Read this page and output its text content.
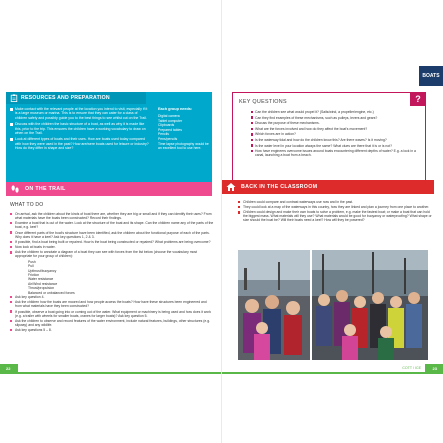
BOATS
RESOURCES AND PREPARATION
Make contact with the relevant people at the location you intend to visit, especially if it is a large museum or marina. This is to ensure that they can cater for a class of children safely and possibly guide you to the best things to see whilst out on the Trail.
Discuss with the children the basic structure of a boat, as well as why it is made like this, prior to the trip. This ensures the children have a working vocabulary to draw on when on the Trail.
Look at different types of boats and their uses. How are boats used today compared with how they were used in the past? How are/were boats used for leisure or industry? How do they differ in shape and size?
Each group needs:
Digital camera
Tablet computer
Clipboards
Prepared tables
Pencils
Pens/pencils
Time lapse photography would be an excellent tool to use here.
KEY QUESTIONS	?
Can the children see what would propel it? (Sails/wind, a propeller/engine, etc.)
Can they find examples of these mechanisms, such as pulleys, levers and gears?
Discuss the purpose of these mechanisms.
What are the forces involved and how do they affect the boat's movement?
Which forces are in action?
Is the waterway tidal and how do the children know this? Are there waves? Is it moving?
Is the water level in your location always the same? What clues are there that it is or is not?
How have engineers overcome issues around boats encountering different depths of water? E.g. a lock in a canal, launching a boat from a beach.
ON THE TRAIL
WHAT TO DO
On arrival, ask the children about the kinds of boat there are, whether they are big or small and if they can identify their uses? From what materials have the boats been constructed? Record their findings.
Examine a boat that is out of the water. Look at the structure of the boat and its shape. Can the children name any of the parts of the boat, e.g. keel?
Once different parts of the boat's structure have been identified, ask the children about the functional purpose of each of the parts. Why does it have a keel? Ask key questions 1, 2 & 3.
If possible, find a boat being built or repaired. How is the boat being constructed or repaired? What problems are being overcome?
Now look at boats in water.
Ask the children to annotate a diagram of a boat they can see with forces from the list below (choose the vocabulary most appropriate for your group of children):
Push
Pull
Upthrust/buoyancy
Friction
Water resistance
Air/Wind resistance
Thrust/propulsion
Balanced or unbalanced forces
Ask key question 4.
Ask the children how the boats are moored and how people access the boats? How have these structures been engineered and from what materials have they been constructed?
If possible, observe a boat going into or coming out of the water. What equipment or machinery is being used and how does it work (e.g. a trailer with wheels for smaller boats, cranes for larger boats)? Ask key question 5.
Ask the children to observe and record features of the water environment, include natural features, buildings, other structures (e.g. slipway) and any wildlife.
Ask key questions 5 – 8.
BACK IN THE CLASSROOM
Children could compare and contrast waterways use now and in the past.
They could look at a map of the waterways in this country, how they are linked and plan a journey from one place to another.
Children could design and make their own boats to solve a problem, e.g. make the fastest boat; or make a boat that can hold the biggest mass. What materials will they use? What materials would be good for buoyancy or waterproofing? What shape or size should the boat be? Will their boats need a keel? How will they be powered?
22	23
COTT / ICE
